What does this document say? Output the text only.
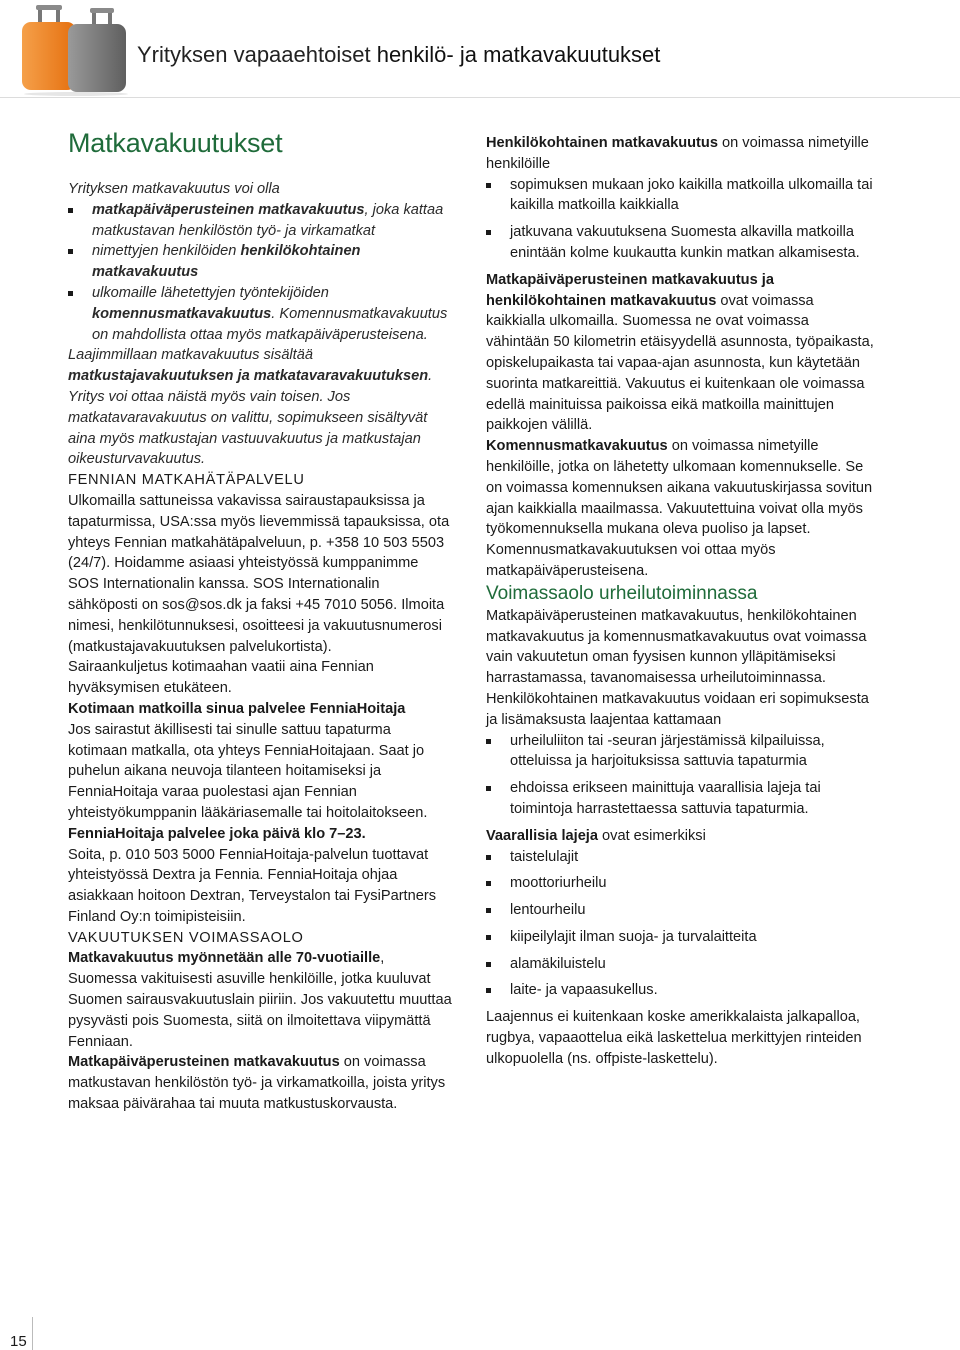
Yrityksen vapaaehtoiset henkilö- ja matkavakuutukset
Matkavakuutukset

Yrityksen matkavakuutus voi olla

matkapäiväperusteinen matkavakuutus, joka kattaa matkustavan henkilöstön työ- ja virkamatkat
nimettyjen henkilöiden henkilökohtainen matkavakuutus
ulkomaille lähetettyjen työntekijöiden komennusmatkavakuutus. Komennusmatkavakuutus on mahdollista ottaa myös matkapäiväperusteisena.

Laajimmillaan matkavakuutus sisältää matkustajavakuutuksen ja matkatavaravakuutuksen. Yritys voi ottaa näistä myös vain toisen. Jos matkatavaravakuutus on valittu, sopimukseen sisältyvät aina myös matkustajan vastuuvakuutus ja matkustajan oikeusturvavakuutus.

FENNIAN MATKAHÄTÄPALVELU

Ulkomailla sattuneissa vakavissa sairaustapauksissa ja tapaturmissa, USA:ssa myös lievemmissä tapauksissa, ota yhteys Fennian matkahätäpalveluun, p. +358 10 503 5503 (24/7). Hoidamme asiaasi yhteistyössä kumppanimme SOS Internationalin kanssa. SOS Internationalin sähköposti on sos@sos.dk ja faksi +45 7010 5056. Ilmoita nimesi, henkilötunnuksesi, osoitteesi ja vakuutusnumerosi (matkustajavakuutuksen palvelukortista).

Sairaankuljetus kotimaahan vaatii aina Fennian hyväksymisen etukäteen.

Kotimaan matkoilla sinua palvelee FenniaHoitaja

Jos sairastut äkillisesti tai sinulle sattuu tapaturma kotimaan matkalla, ota yhteys FenniaHoitajaan. Saat jo puhelun aikana neuvoja tilanteen hoitamiseksi ja FenniaHoitaja varaa puolestasi ajan Fennian yhteistyökumppanin lääkäriasemalle tai hoitolaitokseen.

FenniaHoitaja palvelee joka päivä klo 7–23.

Soita, p. 010 503 5000 FenniaHoitaja-palvelun tuottavat yhteistyössä Dextra ja Fennia. FenniaHoitaja ohjaa asiakkaan hoitoon Dextran, Terveystalon tai FysiPartners Finland Oy:n toimipisteisiin.

VAKUUTUKSEN VOIMASSAOLO

Matkavakuutus myönnetään alle 70-vuotiaille, Suomessa vakituisesti asuville henkilöille, jotka kuuluvat Suomen sairausvakuutuslain piiriin. Jos vakuutettu muuttaa pysyvästi pois Suomesta, siitä on ilmoitettava viipymättä Fenniaan.

Matkapäiväperusteinen matkavakuutus on voimassa matkustavan henkilöstön työ- ja virkamatkoilla, joista yritys maksaa päivärahaa tai muuta matkustuskorvausta.

Henkilökohtainen matkavakuutus on voimassa nimetyille henkilöille

sopimuksen mukaan joko kaikilla matkoilla ulkomailla tai kaikilla matkoilla kaikkialla
jatkuvana vakuutuksena Suomesta alkavilla matkoilla enintään kolme kuukautta kunkin matkan alkamisesta.

Matkapäiväperusteinen matkavakuutus ja henkilökohtainen matkavakuutus ovat voimassa kaikkialla ulkomailla. Suomessa ne ovat voimassa vähintään 50 kilometrin etäisyydellä asunnosta, työpaikasta, opiskelupaikasta tai vapaa-ajan asunnosta, kun käytetään suorinta matkareittiä. Vakuutus ei kuitenkaan ole voimassa edellä mainituissa paikoissa eikä matkoilla mainittujen paikkojen välillä.

Komennusmatkavakuutus on voimassa nimetyille henkilöille, jotka on lähetetty ulkomaan komennukselle. Se on voimassa komennuksen aikana vakuutuskirjassa sovitun ajan kaikkialla maailmassa. Vakuutettuina voivat olla myös työkomennuksella mukana oleva puoliso ja lapset. Komennusmatkavakuutuksen voi ottaa myös matkapäiväperusteisena.

Voimassaolo urheilutoiminnassa

Matkapäiväperusteinen matkavakuutus, henkilökohtainen matkavakuutus ja komennusmatkavakuutus ovat voimassa vain vakuutetun oman fyysisen kunnon ylläpitämiseksi harrastamassa, tavanomaisessa urheilutoiminnassa.

Henkilökohtainen matkavakuutus voidaan eri sopimuksesta ja lisämaksusta laajentaa kattamaan

urheiluliiton tai -seuran järjestämissä kilpailuissa, otteluissa ja harjoituksissa sattuvia tapaturmia
ehdoissa erikseen mainittuja vaarallisia lajeja tai toimintoja harrastettaessa sattuvia tapaturmia.

Vaarallisia lajeja ovat esimerkiksi

taistelulajit
moottoriurheilu
lentourheilu
kiipeilylajit ilman suoja- ja turvalaitteita
alamäkiluistelu
laite- ja vapaasukellus.

Laajennus ei kuitenkaan koske amerikkalaista jalkapalloa, rugbya, vapaaottelua eikä laskettelua merkittyjen rinteiden ulkopuolella (ns. offpiste-laskettelu).

15
